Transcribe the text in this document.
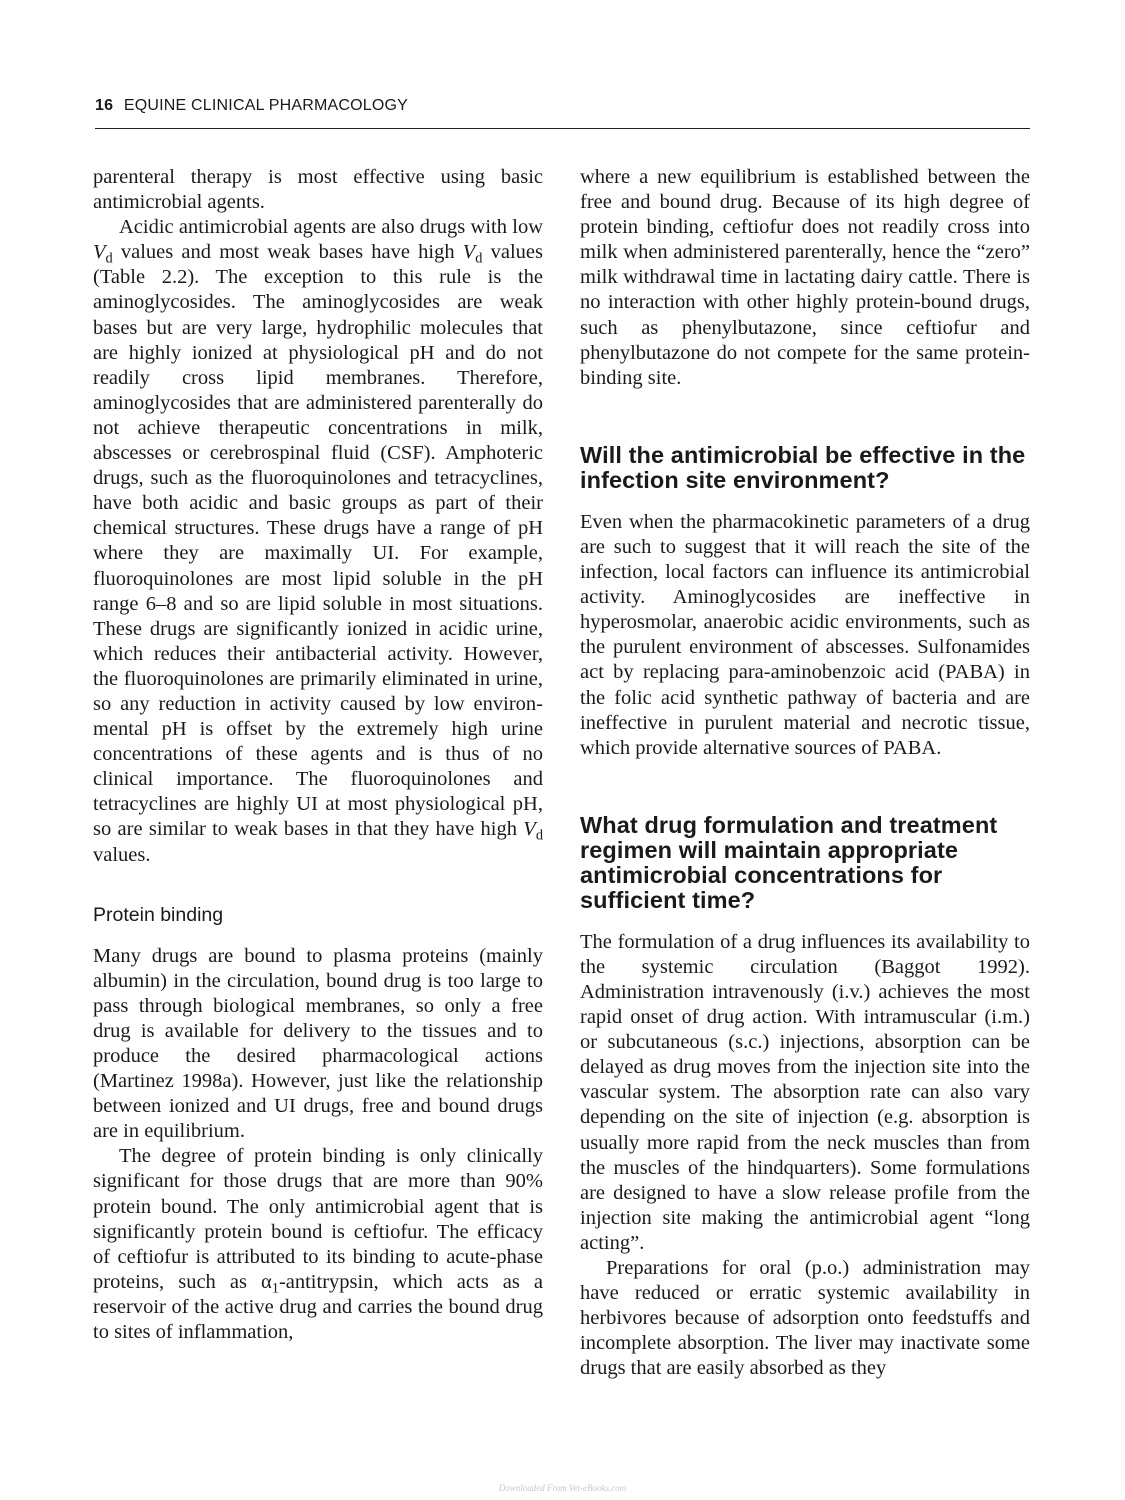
16 EQUINE CLINICAL PHARMACOLOGY

parenteral therapy is most effective using basic antimicrobial agents.

Acidic antimicrobial agents are also drugs with low $V_d$ values and most weak bases have high $V_d$ values (Table 2.2). The exception to this rule is the aminoglycosides. The aminoglycosides are weak bases but are very large, hydrophilic molecules that are highly ionized at physiological pH and do not readily cross lipid membranes. Therefore, aminoglycosides that are administered parenterally do not achieve therapeutic concentrations in milk, abscesses or cerebrospinal fluid (CSF). Amphoteric drugs, such as the fluoroquinolones and tetracyclines, have both acidic and basic groups as part of their chemical structures. These drugs have a range of pH where they are maximally UI. For example, fluoroquinolones are most lipid soluble in the pH range 6–8 and so are lipid soluble in most situations. These drugs are significantly ionized in acidic urine, which reduces their antibacterial activity. However, the fluoroquinolones are primarily eliminated in urine, so any reduction in activity caused by low environmental pH is offset by the extremely high urine concentrations of these agents and is thus of no clinical importance. The fluoroquinolones and tetracyclines are highly UI at most physiological pH, so are similar to weak bases in that they have high $V_d$ values.

Protein binding

Many drugs are bound to plasma proteins (mainly albumin) in the circulation, bound drug is too large to pass through biological membranes, so only a free drug is available for delivery to the tissues and to produce the desired pharmacological actions (Martinez 1998a). However, just like the relationship between ionized and UI drugs, free and bound drugs are in equilibrium.

The degree of protein binding is only clinically significant for those drugs that are more than 90% protein bound. The only antimicrobial agent that is significantly protein bound is ceftiofur. The efficacy of ceftiofur is attributed to its binding to acute-phase proteins, such as $\alpha_1$-antitrypsin, which acts as a reservoir of the active drug and carries the bound drug to sites of inflammation,

where a new equilibrium is established between the free and bound drug. Because of its high degree of protein binding, ceftiofur does not readily cross into milk when administered parenterally, hence the “zero” milk withdrawal time in lactating dairy cattle. There is no interaction with other highly protein-bound drugs, such as phenylbutazone, since ceftiofur and phenylbutazone do not compete for the same protein-binding site.

Will the antimicrobial be effective in the infection site environment?

Even when the pharmacokinetic parameters of a drug are such to suggest that it will reach the site of the infection, local factors can influence its antimicrobial activity. Aminoglycosides are ineffective in hyperosmolar, anaerobic acidic environments, such as the purulent environment of abscesses. Sulfonamides act by replacing para-aminobenzoic acid (PABA) in the folic acid synthetic pathway of bacteria and are ineffective in purulent material and necrotic tissue, which provide alternative sources of PABA.

What drug formulation and treatment regimen will maintain appropriate antimicrobial concentrations for sufficient time?

The formulation of a drug influences its availability to the systemic circulation (Baggot 1992). Administration intravenously (i.v.) achieves the most rapid onset of drug action. With intramuscular (i.m.) or subcutaneous (s.c.) injections, absorption can be delayed as drug moves from the injection site into the vascular system. The absorption rate can also vary depending on the site of injection (e.g. absorption is usually more rapid from the neck muscles than from the muscles of the hindquarters). Some formulations are designed to have a slow release profile from the injection site making the antimicrobial agent “long acting”.

Preparations for oral (p.o.) administration may have reduced or erratic systemic availability in herbivores because of adsorption onto feedstuffs and incomplete absorption. The liver may inactivate some drugs that are easily absorbed as they

Downloaded From Vet-eBooks.com
